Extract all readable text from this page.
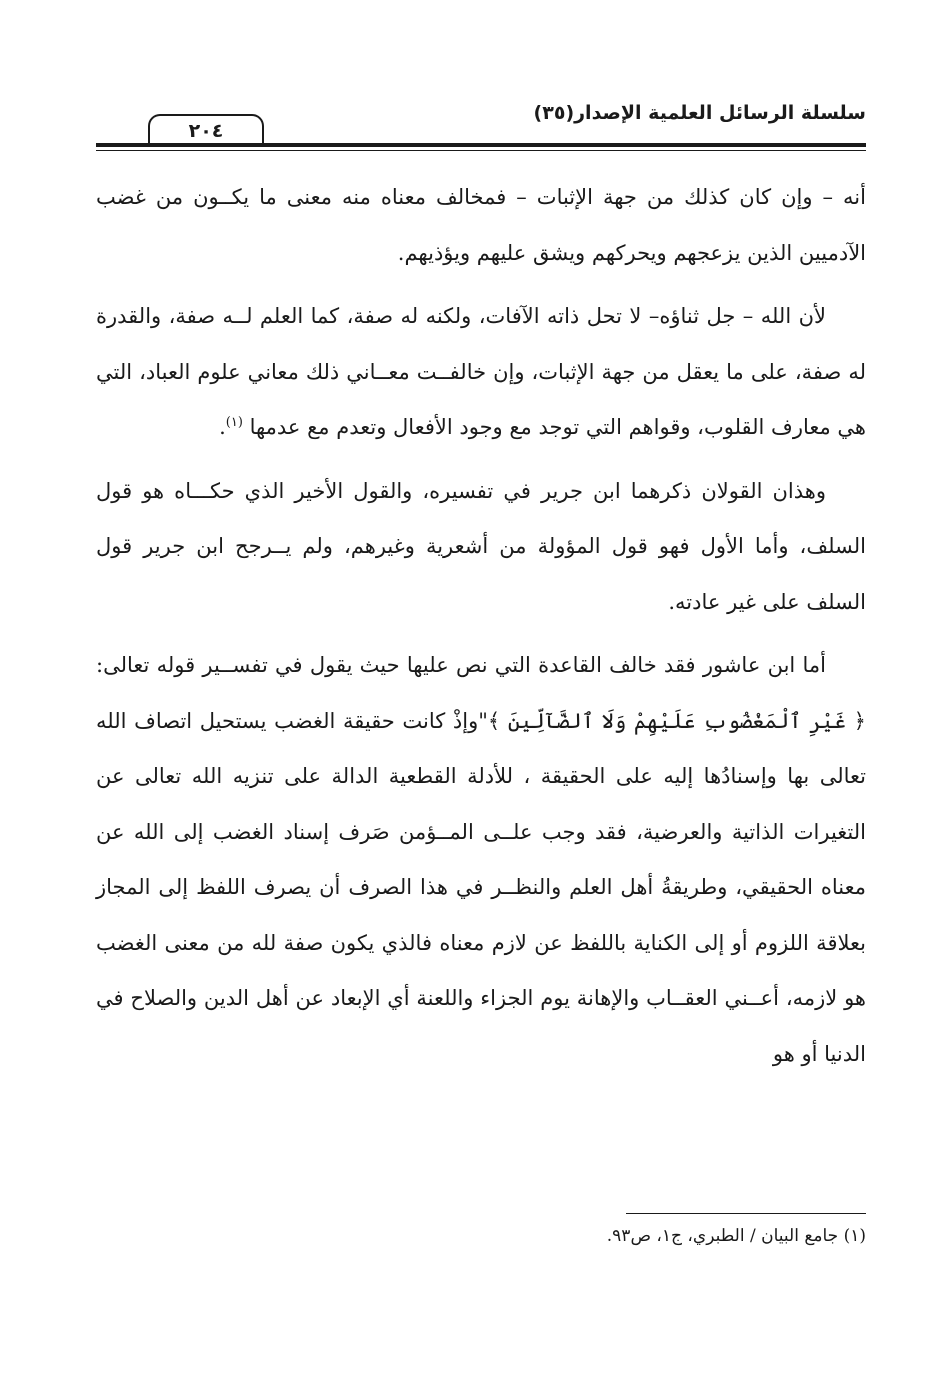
سلسلة الرسائل العلمية الإصدار(٣٥)
٢٠٤

أنه – وإن كان كذلك من جهة الإثبات – فمخالف معناه منه معنى ما يكــون من غضب الآدميين الذين يزعجهم ويحركهم ويشق عليهم ويؤذيهم.

لأن الله – جل ثناؤه– لا تحل ذاته الآفات، ولكنه له صفة، كما العلم لــه صفة، والقدرة له صفة، على ما يعقل من جهة الإثبات، وإن خالفــت معــاني ذلك معاني علوم العباد، التي هي معارف القلوب، وقواهم التي توجد مع وجود الأفعال وتعدم مع عدمها $^{(١)}$.

وهذان القولان ذكرهما ابن جرير في تفسيره، والقول الأخير الذي حكـــاه هو قول السلف، وأما الأول فهو قول المؤولة من أشعرية وغيرهم، ولم يــرجح ابن جرير قول السلف على غير عادته.

أما ابن عاشور فقد خالف القاعدة التي نص عليها حيث يقول في تفســير قوله تعالى:﴿ غَيْرِ ٱلْمَغْضُوبِ عَلَيْهِمْ وَلَا ٱلضَّآلِّينَ ﴾"وإذْ كانت حقيقة الغضب يستحيل اتصاف الله تعالى بها وإسنادُها إليه على الحقيقة ، للأدلة القطعية الدالة على تنزيه الله تعالى عن التغيرات الذاتية والعرضية، فقد وجب علــى المــؤمن صَرف إسناد الغضب إلى الله عن معناه الحقيقي، وطريقةُ أهل العلم والنظــر في هذا الصرف أن يصرف اللفظ إلى المجاز بعلاقة اللزوم أو إلى الكناية باللفظ عن لازم معناه فالذي يكون صفة لله من معنى الغضب هو لازمه، أعــني العقــاب والإهانة يوم الجزاء واللعنة أي الإبعاد عن أهل الدين والصلاح في الدنيا أو هو

(١) جامع البيان / الطبري، ج١، ص٩٣.
